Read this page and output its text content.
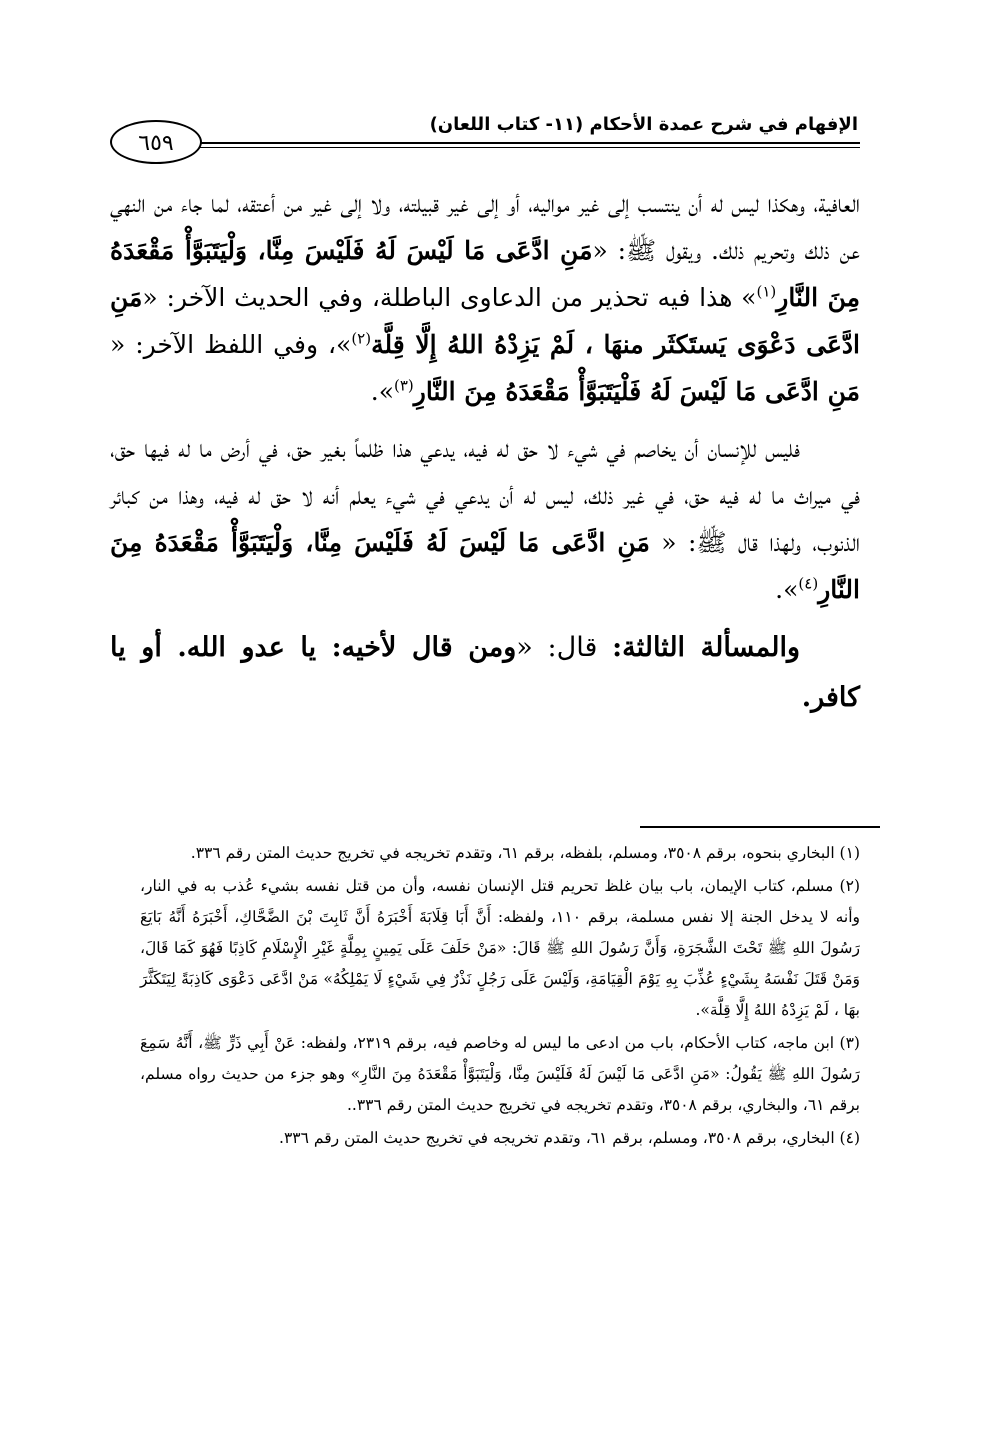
الإفهام في شرح عمدة الأحكام (١١- كتاب اللعان)
٦٥٩

العافية، وهكذا ليس له أن ينتسب إلى غير مواليه، أو إلى غير قبيلته، ولا إلى غير من أعتقه، لما جاء من النهي عن ذلك وتحريم ذلك. ويقول ﷺ: «مَنِ ادَّعَى مَا لَيْسَ لَهُ فَلَيْسَ مِنَّا، وَلْيَتَبَوَّأْ مَقْعَدَهُ مِنَ النَّارِ$^{(١)}$» هذا فيه تحذير من الدعاوى الباطلة، وفي الحديث الآخر: «مَنِ ادَّعَى دَعْوَى يَستَكثَر منهَا ، لَمْ يَزِدْهُ اللهُ إِلَّا قِلَّة$^{(٢)}$»، وفي اللفظ الآخر: « مَنِ ادَّعَى مَا لَيْسَ لَهُ فَلْيَتَبَوَّأْ مَقْعَدَهُ مِنَ النَّارِ$^{(٣)}$».

فليس للإنسان أن يخاصم في شيء لا حق له فيه، يدعي هذا ظلماً بغير حق، في أرض ما له فيها حق، في ميراث ما له فيه حق، في غير ذلك، ليس له أن يدعي في شيء يعلم أنه لا حق له فيه، وهذا من كبائر الذنوب، ولهذا قال ﷺ: « مَنِ ادَّعَى مَا لَيْسَ لَهُ فَلَيْسَ مِنَّا، وَلْيَتَبَوَّأْ مَقْعَدَهُ مِنَ النَّارِ$^{(٤)}$».

والمسألة الثالثة: قال: «ومن قال لأخيه: يا عدو الله. أو يا كافر.

(١) البخاري بنحوه، برقم ٣٥٠٨، ومسلم، بلفظه، برقم ٦١، وتقدم تخريجه في تخريج حديث المتن رقم ٣٣٦.

(٢) مسلم، كتاب الإيمان، باب بيان غلظ تحريم قتل الإنسان نفسه، وأن من قتل نفسه بشيء عُذب به في النار، وأنه لا يدخل الجنة إلا نفس مسلمة، برقم ١١٠، ولفظه: أَنَّ أَبَا قِلَابَةَ أَخْبَرَهُ أَنَّ ثَابِتَ بْنَ الضَّحَّاكِ، أَخْبَرَهُ أَنَّهُ بَايَعَ رَسُولَ اللهِ ﷺ تَحْتَ الشَّجَرَةِ، وَأَنَّ رَسُولَ اللهِ ﷺ قَالَ: «مَنْ حَلَفَ عَلَى يَمِينٍ بِمِلَّةٍ غَيْرِ الْإِسْلَامِ كَاذِبًا فَهُوَ كَمَا قَالَ، وَمَنْ قَتَلَ نَفْسَهُ بِشَيْءٍ عُذِّبَ بِهِ يَوْمَ الْقِيَامَةِ، وَلَيْسَ عَلَى رَجُلٍ نَذْرٌ فِي شَيْءٍ لَا يَمْلِكُهُ» مَنْ ادَّعَى دَعْوَى كَاذِبَةً لِيَتَكَثَّرَ بهَا ، لَمْ يَزِدْهُ اللهُ إِلَّا قِلَّة».

(٣) ابن ماجه، كتاب الأحكام، باب من ادعى ما ليس له وخاصم فيه، برقم ٢٣١٩، ولفظه: عَنْ أَبِي ذَرٍّ ﷺ، أَنَّهُ سَمِعَ رَسُولَ اللهِ ﷺ يَقُولُ: «مَنِ ادَّعَى مَا لَيْسَ لَهُ فَلَيْسَ مِنَّا، وَلْيَتَبَوَّأْ مَقْعَدَهُ مِنَ النَّارِ» وهو جزء من حديث رواه مسلم، برقم ٦١، والبخاري، برقم ٣٥٠٨، وتقدم تخريجه في تخريج حديث المتن رقم ٣٣٦..

(٤) البخاري، برقم ٣٥٠٨، ومسلم، برقم ٦١، وتقدم تخريجه في تخريج حديث المتن رقم ٣٣٦.
